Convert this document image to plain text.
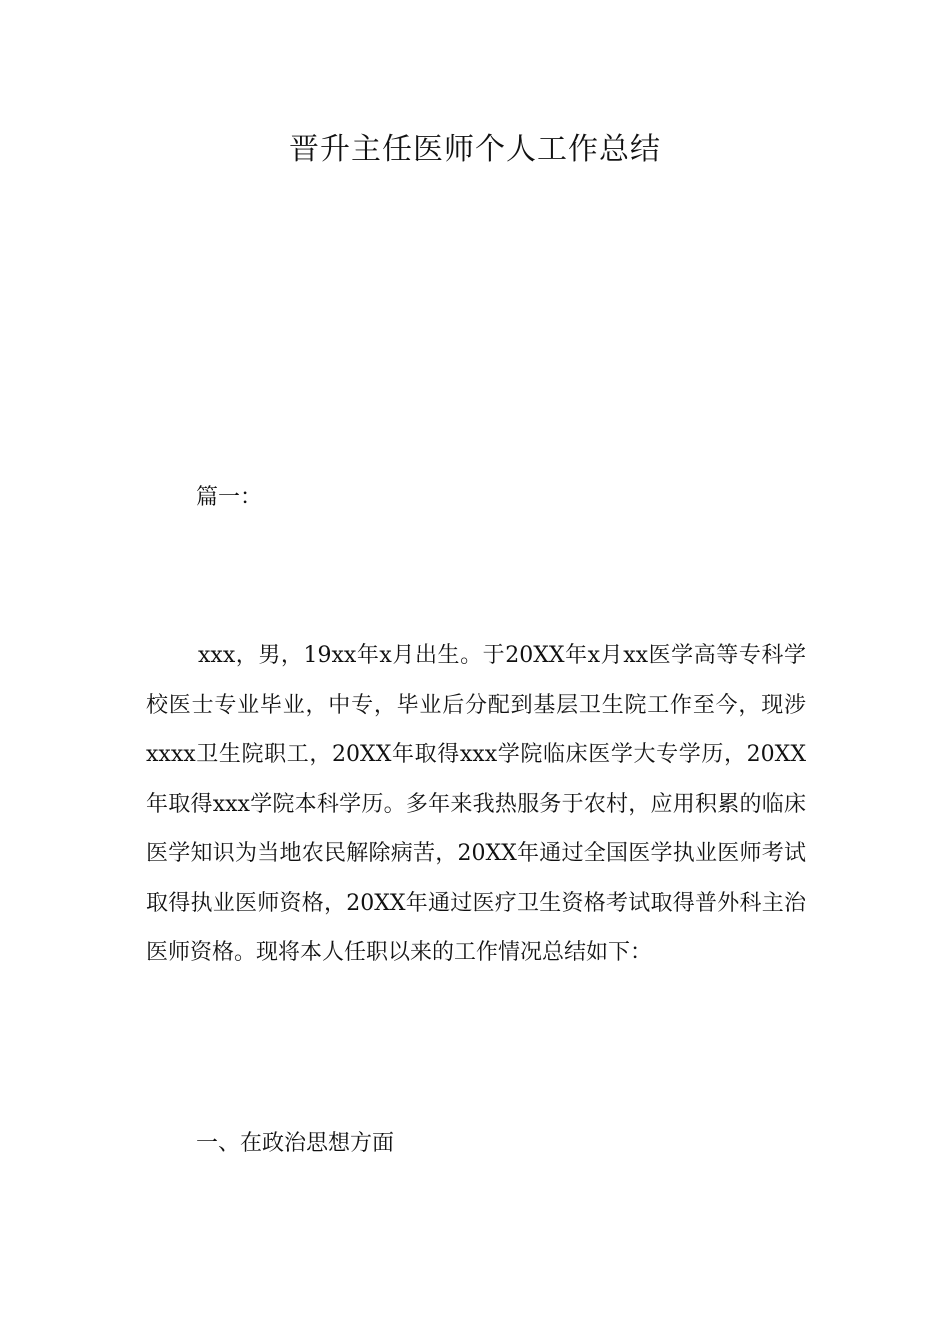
晋升主任医师个人工作总结

篇一：

xxx，男，19xx年x月出生。于20XX年x月xx医学高等专科学校医士专业毕业，中专，毕业后分配到基层卫生院工作至今，现涉xxxx卫生院职工，20XX年取得xxx学院临床医学大专学历，20XX年取得xxx学院本科学历。多年来我热服务于农村，应用积累的临床医学知识为当地农民解除病苦，20XX年通过全国医学执业医师考试取得执业医师资格，20XX年通过医疗卫生资格考试取得普外科主治医师资格。现将本人任职以来的工作情况总结如下：

一、在政治思想方面
